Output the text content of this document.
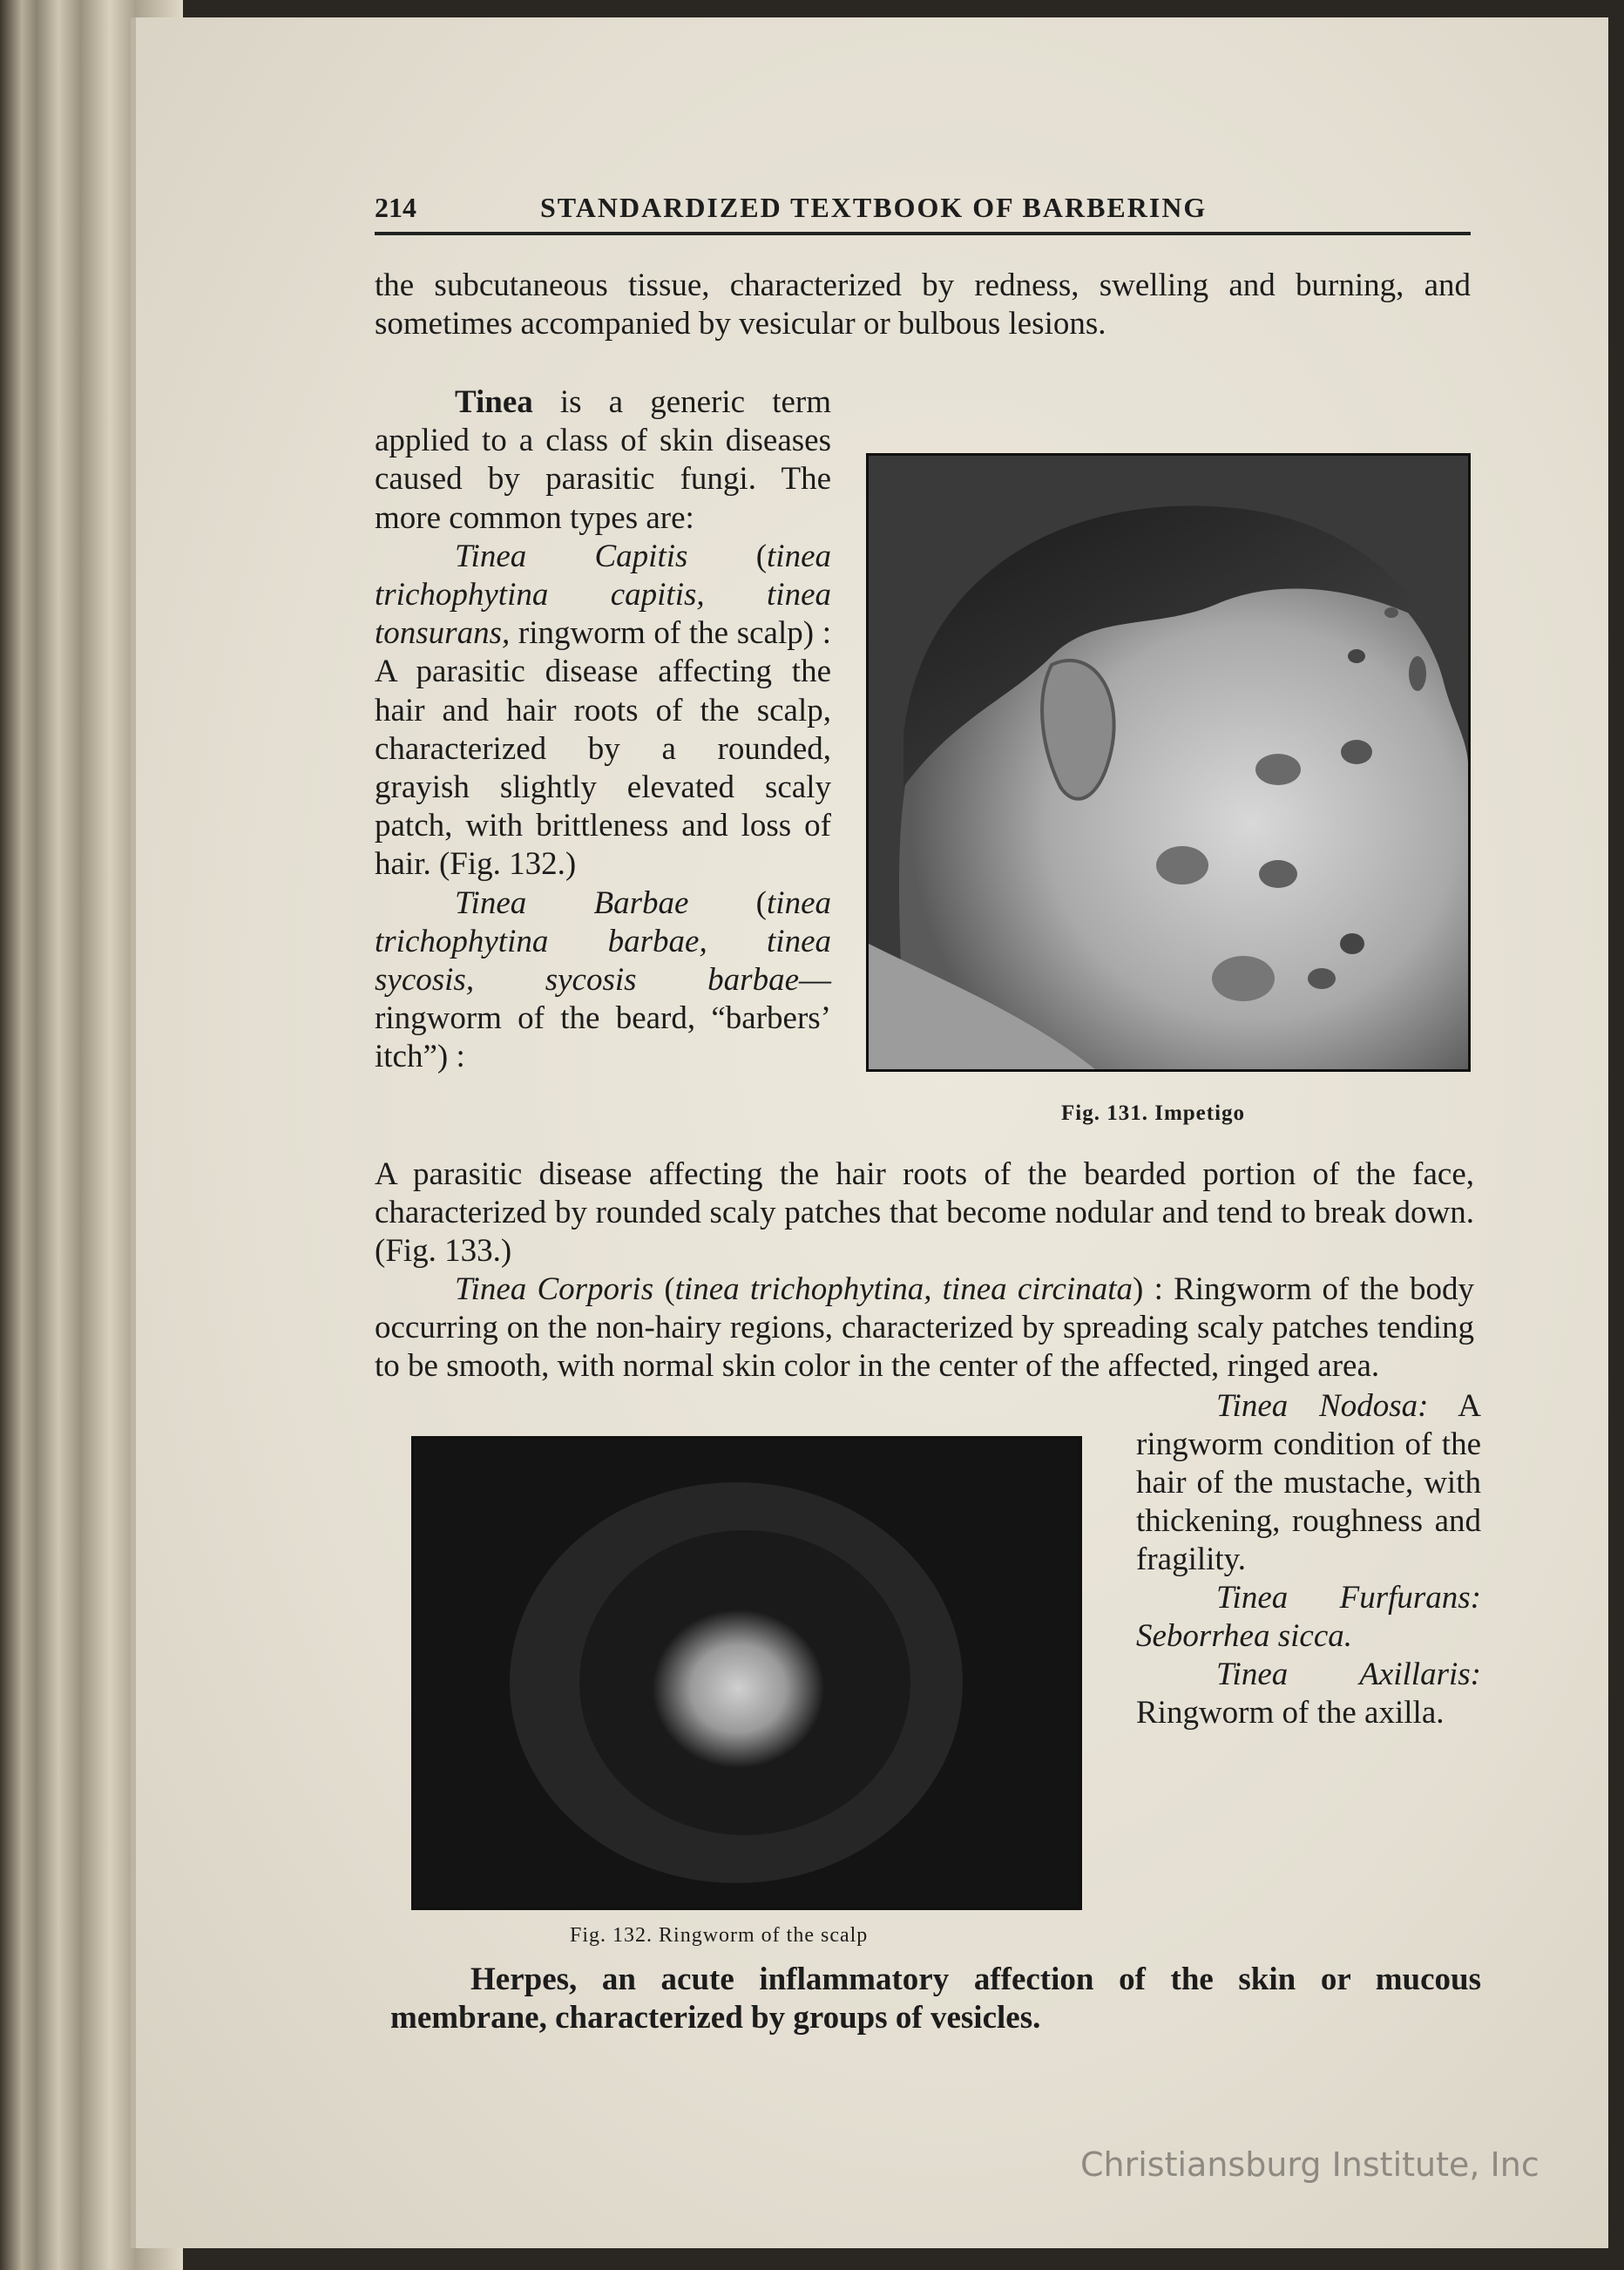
214	STANDARDIZED TEXTBOOK OF BARBERING

the subcutaneous tissue, characterized by redness, swelling and burning, and sometimes accompanied by vesicular or bulbous lesions.

Tinea is a generic term applied to a class of skin diseases caused by parasitic fungi. The more common types are:

Tinea Capitis (tinea trichophytina capitis, tinea tonsurans, ringworm of the scalp) : A parasitic disease affecting the hair and hair roots of the scalp, characterized by a rounded, grayish slightly elevated scaly patch, with brittleness and loss of hair. (Fig. 132.)

Tinea Barbae (tinea trichophytina barbae, tinea sycosis, sycosis barbae—ringworm of the beard, “barbers’ itch”) :

Fig. 131. Impetigo

A parasitic disease affecting the hair roots of the bearded portion of the face, characterized by rounded scaly patches that become nodular and tend to break down. (Fig. 133.)

Tinea Corporis (tinea trichophytina, tinea circinata) : Ringworm of the body occurring on the non-hairy regions, characterized by spreading scaly patches tending to be smooth, with normal skin color in the center of the affected, ringed area.

Fig. 132. Ringworm of the scalp

Tinea Nodosa: A ringworm condition of the hair of the mustache, with thickening, roughness and fragility.

Tinea Furfurans: Seborrhea sicca.

Tinea Axillaris: Ringworm of the axilla.

Herpes, an acute inflammatory affection of the skin or mucous membrane, characterized by groups of vesicles.

Christiansburg Institute, Inc
